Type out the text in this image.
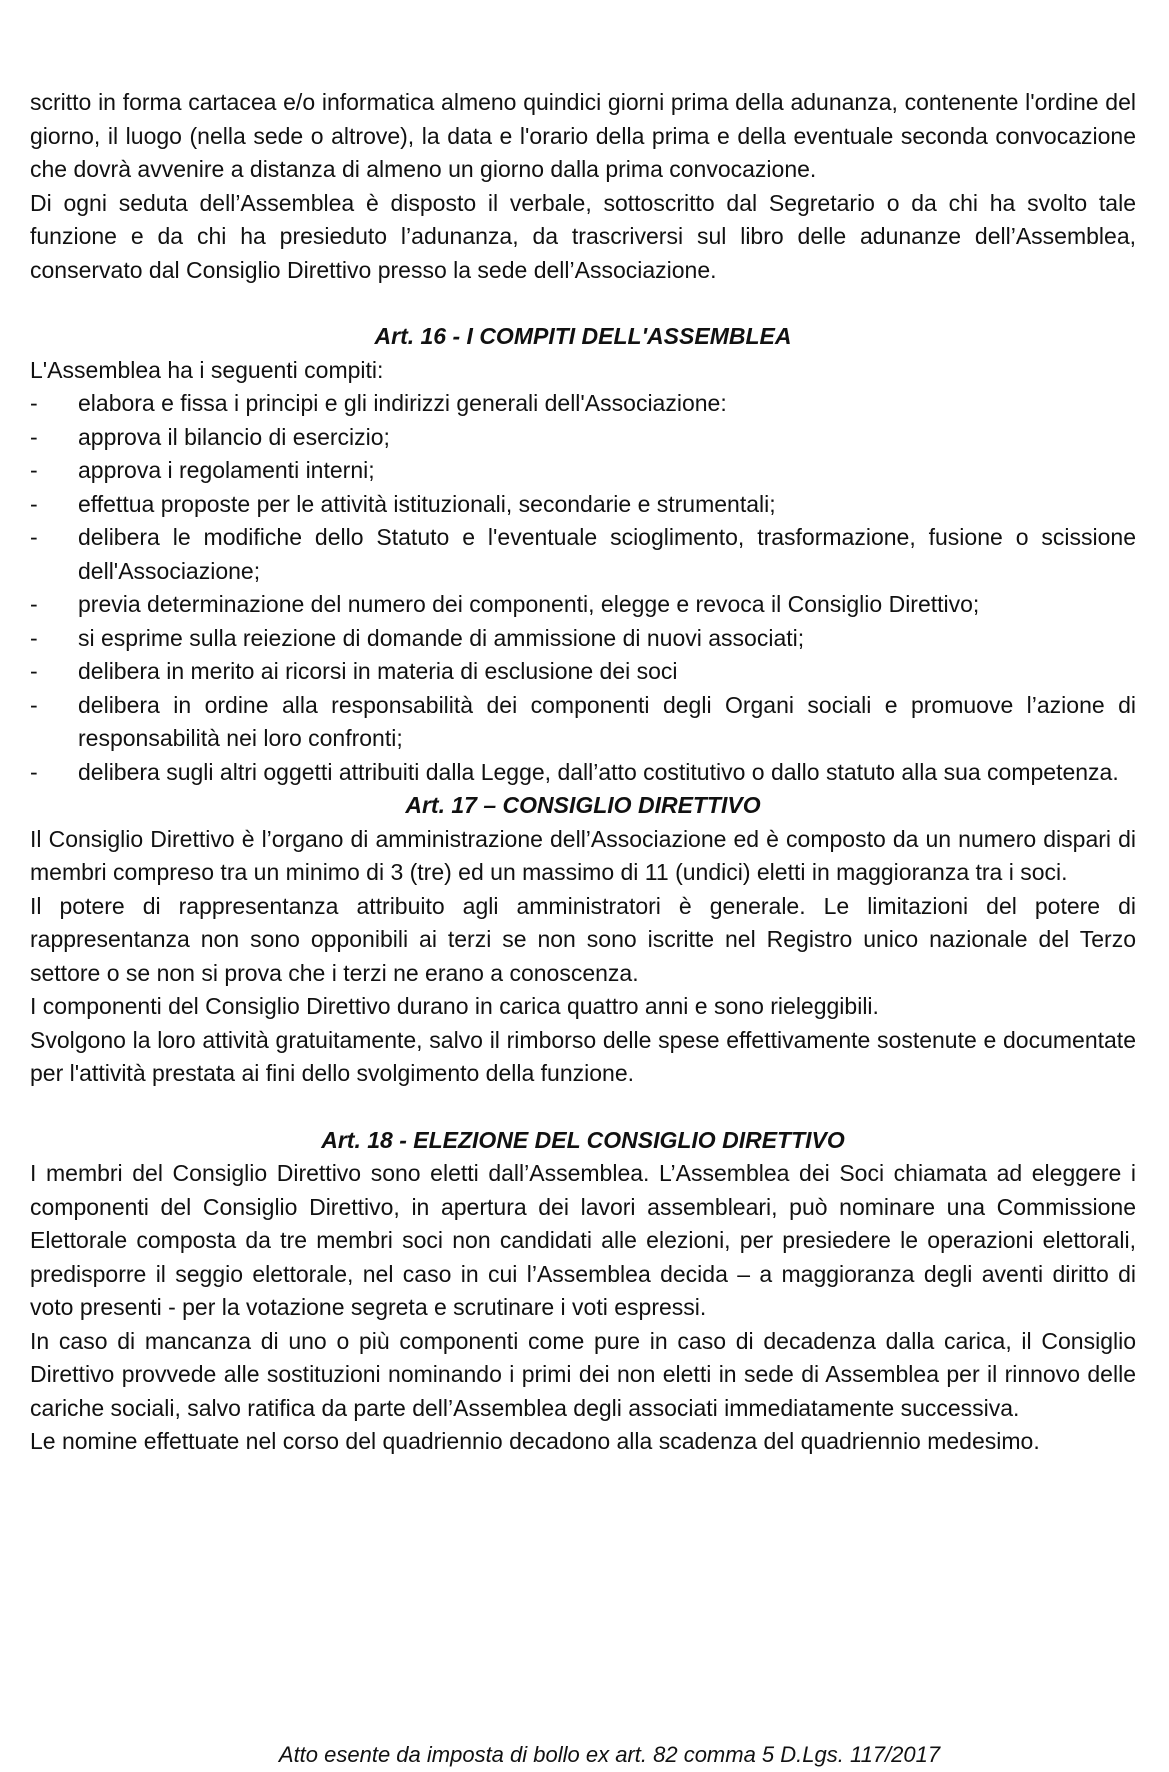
scritto in forma cartacea e/o informatica almeno quindici giorni prima della adunanza, contenente l'ordine del giorno, il luogo (nella sede o altrove), la data e l'orario della prima e della eventuale seconda convocazione che dovrà avvenire a distanza di almeno un giorno dalla prima convocazione.

Di ogni seduta dell’Assemblea è disposto il verbale, sottoscritto dal Segretario o da chi ha svolto tale funzione e da chi ha presieduto l’adunanza, da trascriversi sul libro delle adunanze dell’Assemblea, conservato dal Consiglio Direttivo presso la sede dell’Associazione.

Art. 16 - I COMPITI DELL'ASSEMBLEA

L'Assemblea ha i seguenti compiti:

- elabora e fissa i principi e gli indirizzi generali dell'Associazione:
- approva il bilancio di esercizio;
- approva i regolamenti interni;
- effettua proposte per le attività istituzionali, secondarie e strumentali;
- delibera le modifiche dello Statuto e l'eventuale scioglimento, trasformazione, fusione o scissione dell'Associazione;
- previa determinazione del numero dei componenti, elegge e revoca il Consiglio Direttivo;
- si esprime sulla reiezione di domande di ammissione di nuovi associati;
- delibera in merito ai ricorsi in materia di esclusione dei soci
- delibera in ordine alla responsabilità dei componenti degli Organi sociali e promuove l’azione di responsabilità nei loro confronti;
- delibera sugli altri oggetti attribuiti dalla Legge, dall’atto costitutivo o dallo statuto alla sua competenza.

Art. 17 – CONSIGLIO DIRETTIVO

Il Consiglio Direttivo è l’organo di amministrazione dell’Associazione ed è composto da un numero dispari di membri compreso tra un minimo di 3 (tre) ed un massimo di 11 (undici) eletti in maggioranza tra i soci.

Il potere di rappresentanza attribuito agli amministratori è generale. Le limitazioni del potere di rappresentanza non sono opponibili ai terzi se non sono iscritte nel Registro unico nazionale del Terzo settore o se non si prova che i terzi ne erano a conoscenza.

I componenti del Consiglio Direttivo durano in carica quattro anni e sono rieleggibili.

Svolgono la loro attività gratuitamente, salvo il rimborso delle spese effettivamente sostenute e documentate per l'attività prestata ai fini dello svolgimento della funzione.

Art. 18 - ELEZIONE DEL CONSIGLIO DIRETTIVO

I membri del Consiglio Direttivo sono eletti dall’Assemblea. L’Assemblea dei Soci chiamata ad eleggere i componenti del Consiglio Direttivo, in apertura dei lavori assembleari, può nominare una Commissione Elettorale composta da tre membri soci non candidati alle elezioni, per presiedere le operazioni elettorali, predisporre il seggio elettorale, nel caso in cui l’Assemblea decida – a maggioranza degli aventi diritto di voto presenti - per la votazione segreta e scrutinare i voti espressi.

In caso di mancanza di uno o più componenti come pure in caso di decadenza dalla carica, il Consiglio Direttivo provvede alle sostituzioni nominando i primi dei non eletti in sede di Assemblea per il rinnovo delle cariche sociali, salvo ratifica da parte dell’Assemblea degli associati immediatamente successiva.

Le nomine effettuate nel corso del quadriennio decadono alla scadenza del quadriennio medesimo.

Atto esente da imposta di bollo ex art. 82 comma 5 D.Lgs. 117/2017
